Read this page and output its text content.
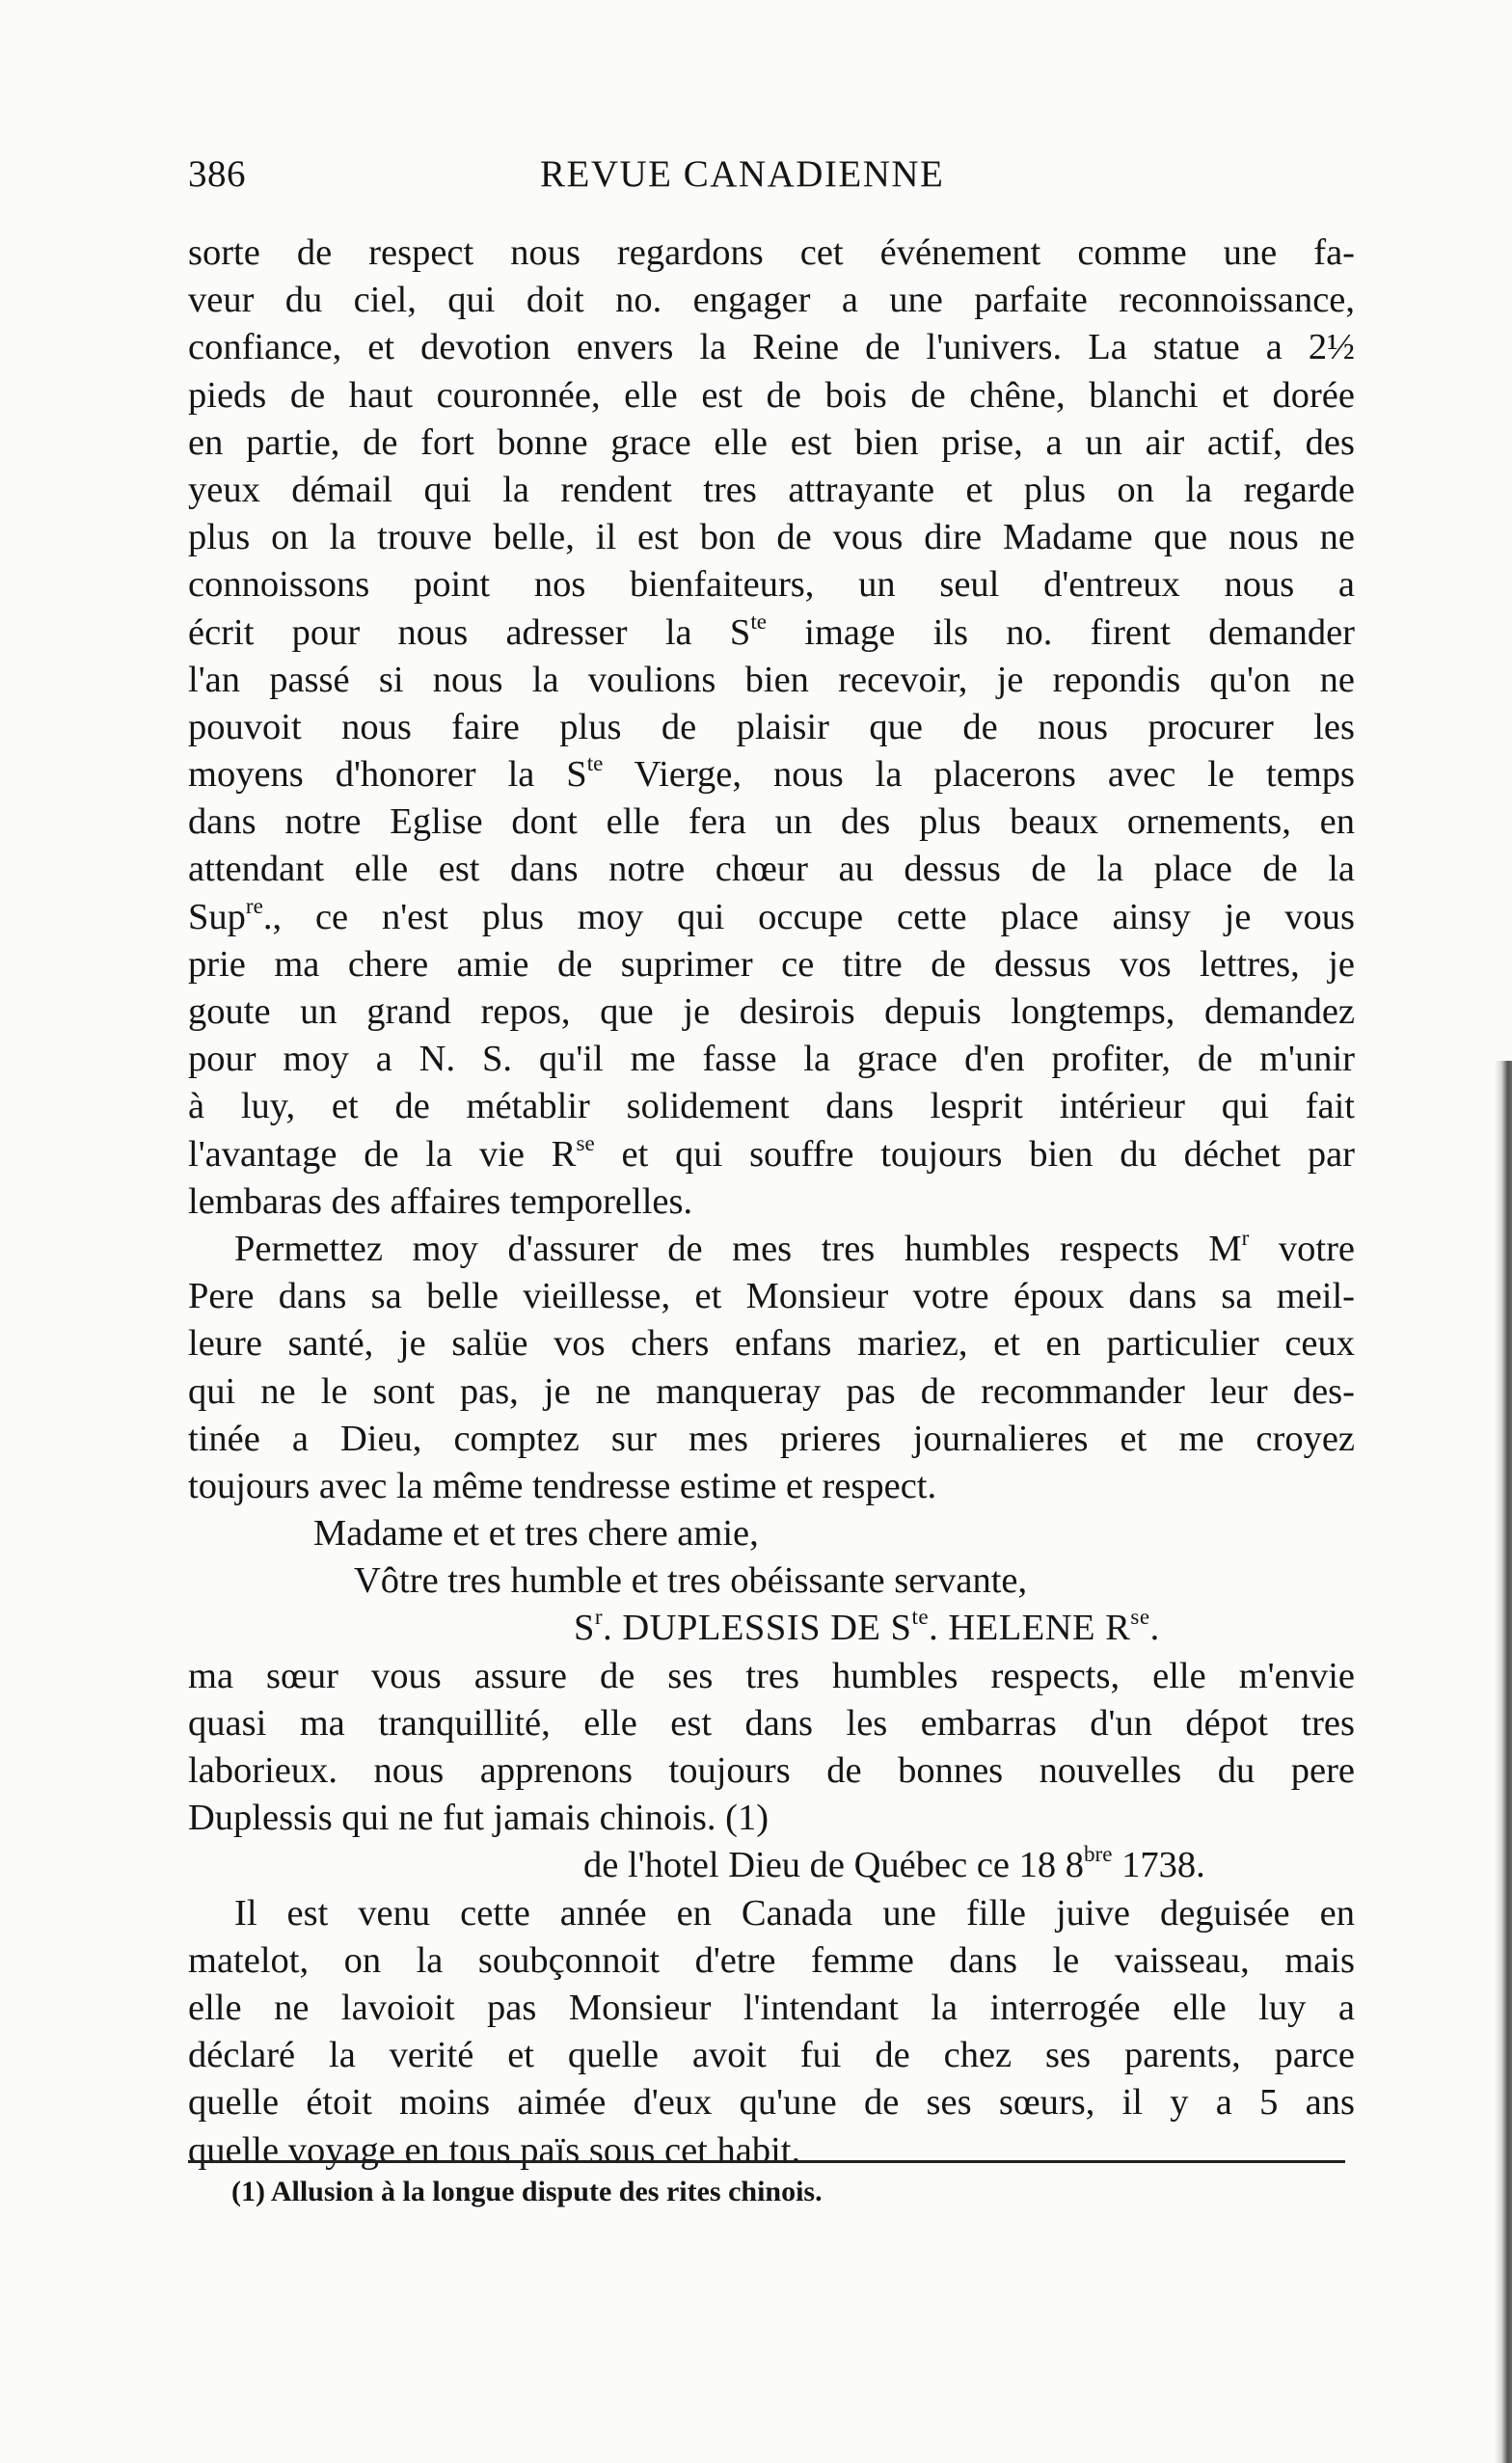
386	REVUE CANADIENNE
sorte de respect nous regardons cet événement comme une fa-
veur du ciel, qui doit no. engager a une parfaite reconnoissance,
confiance, et devotion envers la Reine de l'univers. La statue a 2½
pieds de haut couronnée, elle est de bois de chêne, blanchi et dorée
en partie, de fort bonne grace elle est bien prise, a un air actif, des
yeux démail qui la rendent tres attrayante et plus on la regarde
plus on la trouve belle, il est bon de vous dire Madame que nous ne
connoissons point nos bienfaiteurs, un seul d'entreux nous a
écrit pour nous adresser la $S^{te}$ image ils no. firent demander
l'an passé si nous la voulions bien recevoir, je repondis qu'on ne
pouvoit nous faire plus de plaisir que de nous procurer les
moyens d'honorer la $S^{te}$ Vierge, nous la placerons avec le temps
dans notre Eglise dont elle fera un des plus beaux ornements, en
attendant elle est dans notre chœur au dessus de la place de la
Sup$^{re}$., ce n'est plus moy qui occupe cette place ainsy je vous
prie ma chere amie de suprimer ce titre de dessus vos lettres, je
goute un grand repos, que je desirois depuis longtemps, demandez
pour moy a N. S. qu'il me fasse la grace d'en profiter, de m'unir
à luy, et de métablir solidement dans lesprit intérieur qui fait
l'avantage de la vie $R^{se}$ et qui souffre toujours bien du déchet par
lembaras des affaires temporelles.
Permettez moy d'assurer de mes tres humbles respects $M^r$ votre
Pere dans sa belle vieillesse, et Monsieur votre époux dans sa meil-
leure santé, je salüe vos chers enfans mariez, et en particulier ceux
qui ne le sont pas, je ne manqueray pas de recommander leur des-
tinée a Dieu, comptez sur mes prieres journalieres et me croyez
toujours avec la même tendresse estime et respect.
Madame et et tres chere amie,
Vôtre tres humble et tres obéissante servante,
$S^r$. DUPLESSIS DE $S^{te}$. HELENE $R^{se}$.
ma sœur vous assure de ses tres humbles respects, elle m'envie
quasi ma tranquillité, elle est dans les embarras d'un dépot tres
laborieux. nous apprenons toujours de bonnes nouvelles du pere
Duplessis qui ne fut jamais chinois. (1)
de l'hotel Dieu de Québec ce 18 $8^{bre}$ 1738.
Il est venu cette année en Canada une fille juive deguisée en
matelot, on la soubçonnoit d'etre femme dans le vaisseau, mais
elle ne lavoioit pas Monsieur l'intendant la interrogée elle luy a
déclaré la verité et quelle avoit fui de chez ses parents, parce
quelle étoit moins aimée d'eux qu'une de ses sœurs, il y a 5 ans
quelle voyage en tous païs sous cet habit.
(1) Allusion à la longue dispute des rites chinois.
